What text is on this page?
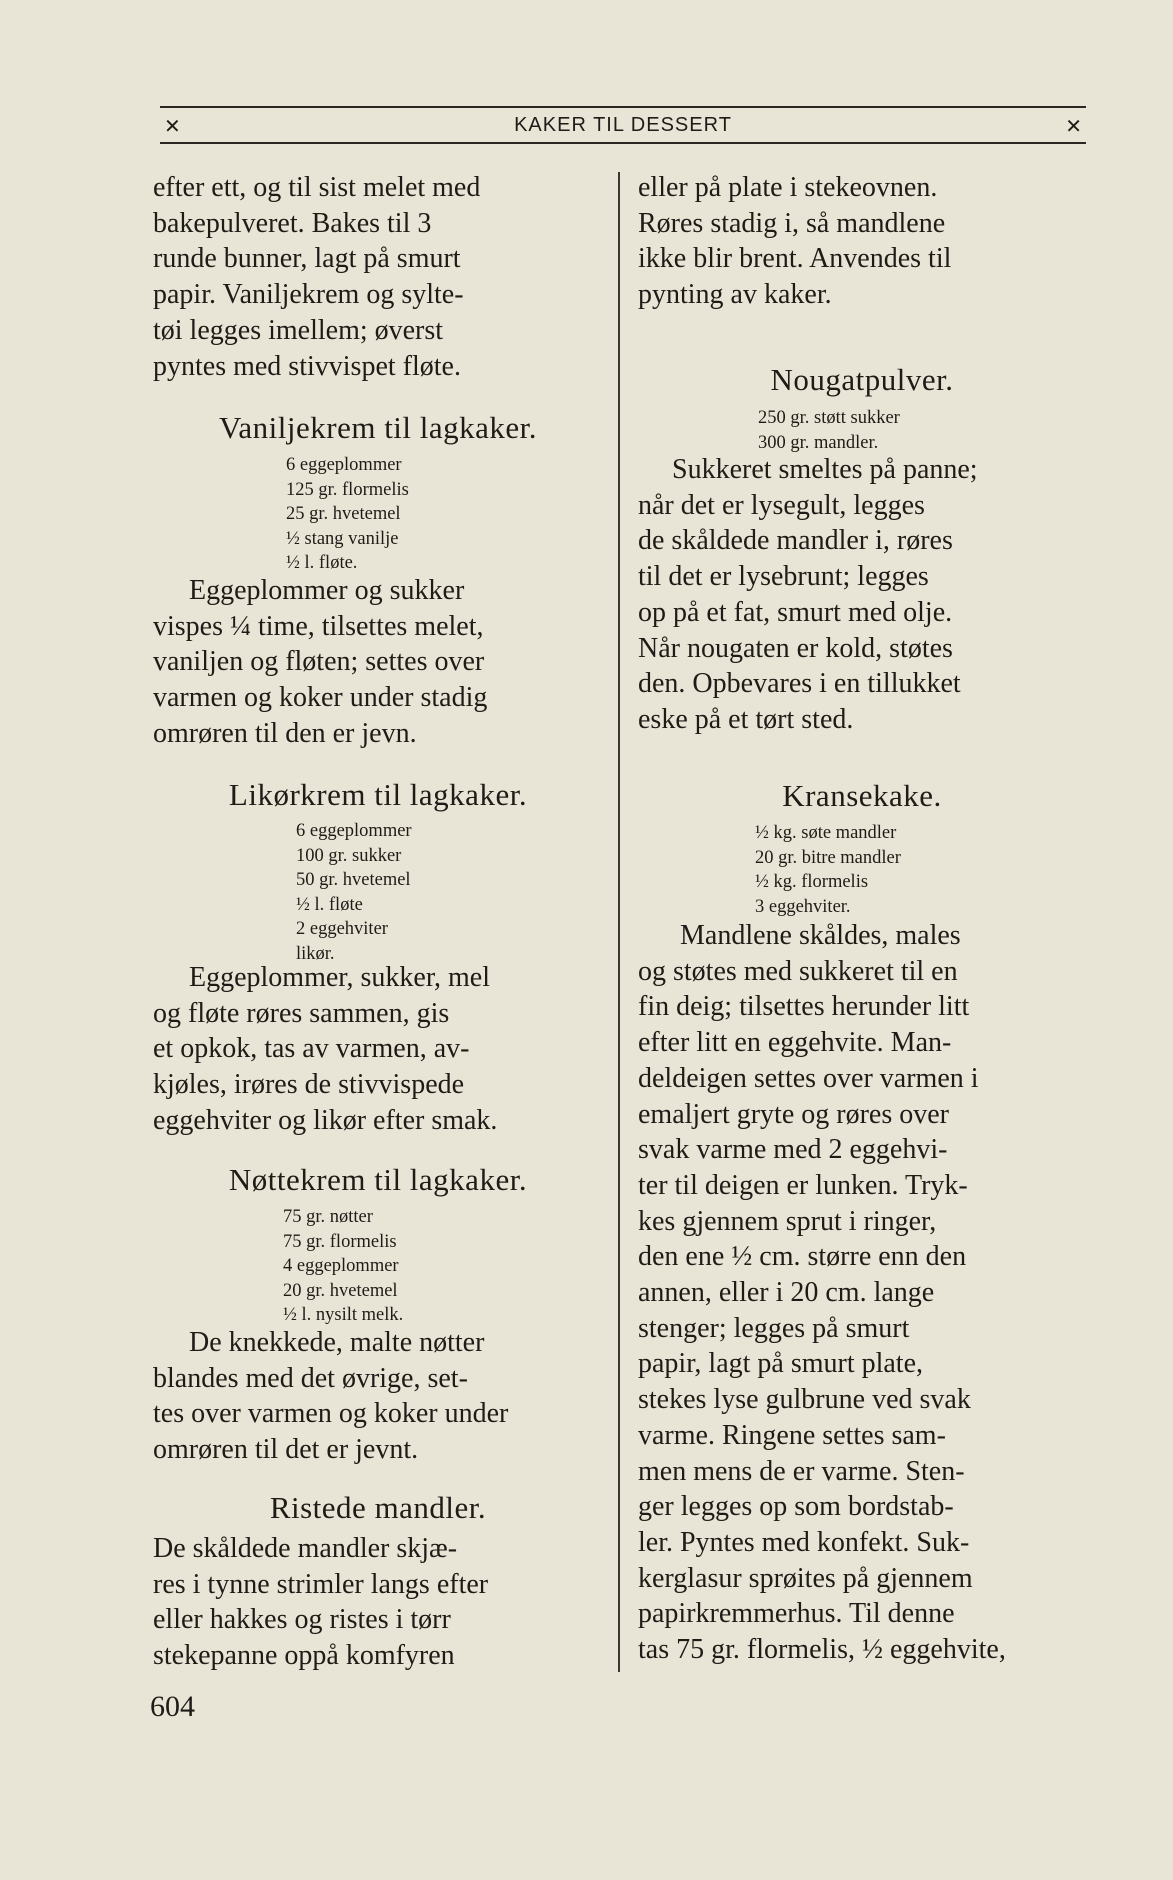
✕	KAKER TIL DESSERT	✕
efter ett, og til sist melet med
bakepulveret. Bakes til 3
runde bunner, lagt på smurt
papir. Vaniljekrem og sylte-
tøi legges imellem; øverst
pyntes med stivvispet fløte.
Vaniljekrem til lagkaker.
6 eggeplommer
125 gr. flormelis
25 gr. hvetemel
½ stang vanilje
½ l. fløte.
Eggeplommer og sukker
vispes ¼ time, tilsettes melet,
vaniljen og fløten; settes over
varmen og koker under stadig
omrøren til den er jevn.
Likørkrem til lagkaker.
6 eggeplommer
100 gr. sukker
50 gr. hvetemel
½ l. fløte
2 eggehviter
likør.
Eggeplommer, sukker, mel
og fløte røres sammen, gis
et opkok, tas av varmen, av-
kjøles, irøres de stivvispede
eggehviter og likør efter smak.
Nøttekrem til lagkaker.
75 gr. nøtter
75 gr. flormelis
4 eggeplommer
20 gr. hvetemel
½ l. nysilt melk.
De knekkede, malte nøtter
blandes med det øvrige, set-
tes over varmen og koker under
omrøren til det er jevnt.
Ristede mandler.
De skåldede mandler skjæ-
res i tynne strimler langs efter
eller hakkes og ristes i tørr
stekepanne oppå komfyren
eller på plate i stekeovnen.
Røres stadig i, så mandlene
ikke blir brent. Anvendes til
pynting av kaker.
Nougatpulver.
250 gr. støtt sukker
300 gr. mandler.
Sukkeret smeltes på panne;
når det er lysegult, legges
de skåldede mandler i, røres
til det er lysebrunt; legges
op på et fat, smurt med olje.
Når nougaten er kold, støtes
den. Opbevares i en tillukket
eske på et tørt sted.
Kransekake.
½ kg. søte mandler
20 gr. bitre mandler
½ kg. flormelis
3 eggehviter.
Mandlene skåldes, males
og støtes med sukkeret til en
fin deig; tilsettes herunder litt
efter litt en eggehvite. Man-
deldeigen settes over varmen i
emaljert gryte og røres over
svak varme med 2 eggehvi-
ter til deigen er lunken. Tryk-
kes gjennem sprut i ringer,
den ene ½ cm. større enn den
annen, eller i 20 cm. lange
stenger; legges på smurt
papir, lagt på smurt plate,
stekes lyse gulbrune ved svak
varme. Ringene settes sam-
men mens de er varme. Sten-
ger legges op som bordstab-
ler. Pyntes med konfekt. Suk-
kerglasur sprøites på gjennem
papirkremmerhus. Til denne
tas 75 gr. flormelis, ½ eggehvite,
604
